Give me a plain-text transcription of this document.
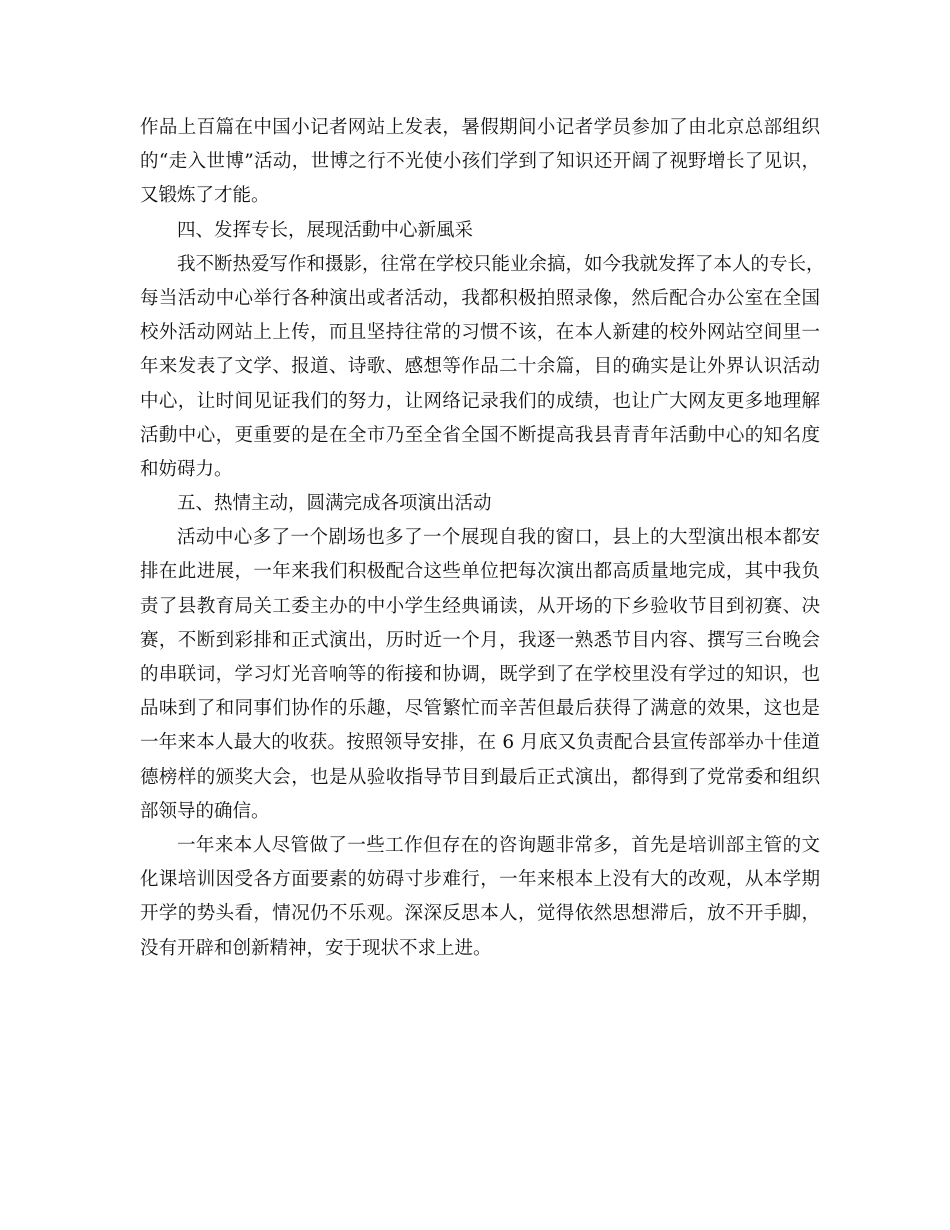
作品上百篇在中国小记者网站上发表，暑假期间小记者学员参加了由北京总部组织
的“走入世博”活动，世博之行不光使小孩们学到了知识还开阔了视野增长了见识，
又锻炼了才能。
四、发挥专长，展现活動中心新風采
我不断热爱写作和摄影，往常在学校只能业余搞，如今我就发挥了本人的专长，
每当活动中心举行各种演出或者活动，我都积极拍照录像，然后配合办公室在全国
校外活动网站上上传，而且坚持往常的习惯不该，在本人新建的校外网站空间里一
年来发表了文学、报道、诗歌、感想等作品二十余篇，目的确实是让外界认识活动
中心，让时间见证我们的努力，让网络记录我们的成绩，也让广大网友更多地理解
活動中心，更重要的是在全市乃至全省全国不断提高我县青青年活動中心的知名度
和妨碍力。
五、热情主动，圆满完成各项演出活动
活动中心多了一个剧场也多了一个展现自我的窗口，县上的大型演出根本都安
排在此进展，一年来我们积极配合这些单位把每次演出都高质量地完成，其中我负
责了县教育局关工委主办的中小学生经典诵读，从开场的下乡验收节目到初赛、决
赛，不断到彩排和正式演出，历时近一个月，我逐一熟悉节目内容、撰写三台晚会
的串联词，学习灯光音响等的衔接和协调，既学到了在学校里没有学过的知识，也
品味到了和同事们协作的乐趣，尽管繁忙而辛苦但最后获得了满意的效果，这也是
一年来本人最大的收获。按照领导安排，在 6 月底又负责配合县宣传部举办十佳道
德榜样的颁奖大会，也是从验收指导节目到最后正式演出，都得到了党常委和组织
部领导的确信。
一年来本人尽管做了一些工作但存在的咨询题非常多，首先是培训部主管的文
化课培训因受各方面要素的妨碍寸步难行，一年来根本上没有大的改观，从本学期
开学的势头看，情况仍不乐观。深深反思本人，觉得依然思想滞后，放不开手脚，
没有开辟和创新精神，安于现状不求上进。
